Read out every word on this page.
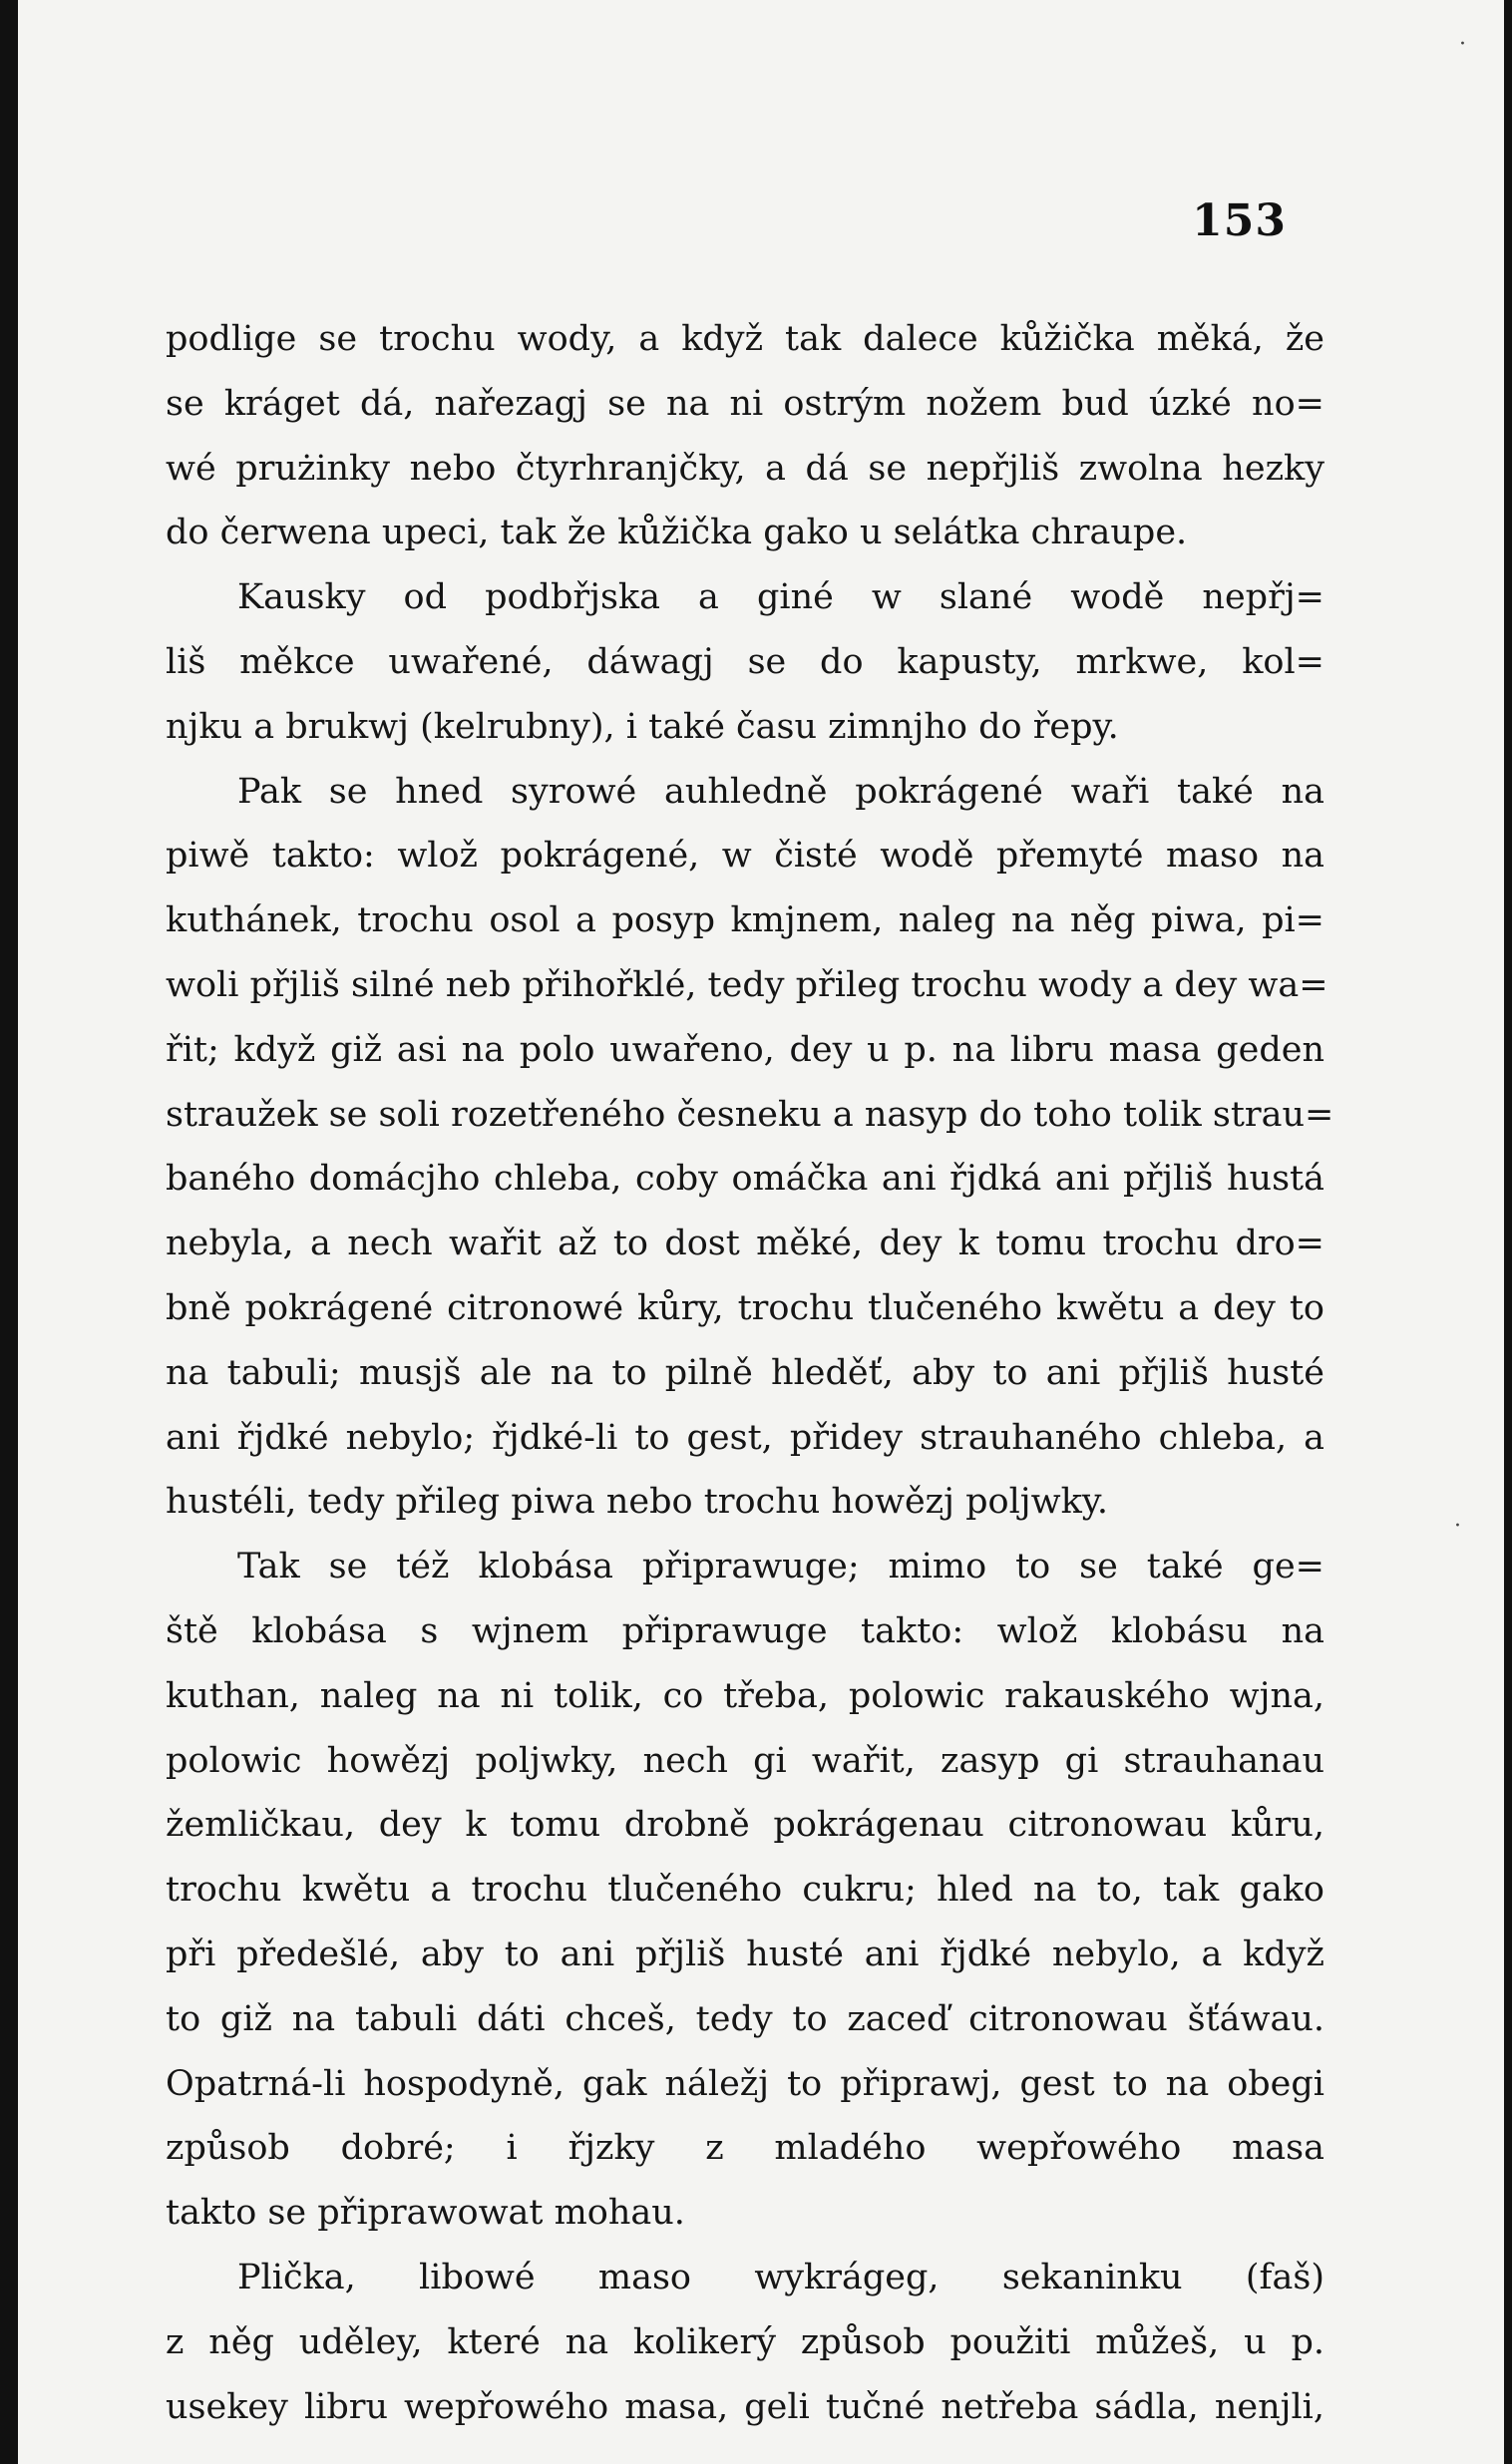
153
podlige se trochu wody, a když tak dalece kůžička měká, že
se kráget dá, nařezagj se na ni ostrým nožem bud úzké no=
wé prużinky nebo čtyrhranjčky, a dá se nepřjliš zwolna hezky
do čerwena upeci, tak že kůžička gako u selátka chraupe.
Kausky od podbřjska a giné w slané wodě nepřj=
liš měkce uwařené, dáwagj se do kapusty, mrkwe, kol=
njku a brukwj (kelrubny), i také času zimnjho do řepy.
Pak se hned syrowé auhledně pokrágené waři také na
piwě takto: wlož pokrágené, w čisté wodě přemyté maso na
kuthánek, trochu osol a posyp kmjnem, naleg na něg piwa, pi=
woli přjliš silné neb přihořklé, tedy přileg trochu wody a dey wa=
řit; když giž asi na polo uwařeno, dey u p. na libru masa geden
straužek se soli rozetřeného česneku a nasyp do toho tolik strau=
baného domácjho chleba, coby omáčka ani řjdká ani přjliš hustá
nebyla, a nech wařit až to dost měké, dey k tomu trochu dro=
bně pokrágené citronowé kůry, trochu tlučeného kwětu a dey to
na tabuli; musjš ale na to pilně hleděť, aby to ani přjliš husté
ani řjdké nebylo; řjdké-li to gest, přidey strauhaného chleba, a
hustéli, tedy přileg piwa nebo trochu howězj poljwky.
Tak se též klobása připrawuge; mimo to se také ge=
ště klobása s wjnem připrawuge takto: wlož klobásu na
kuthan, naleg na ni tolik, co třeba, polowic rakauského wjna,
polowic howězj poljwky, nech gi wařit, zasyp gi strauhanau
žemličkau, dey k tomu drobně pokrágenau citronowau kůru,
trochu kwětu a trochu tlučeného cukru; hled na to, tak gako
při předešlé, aby to ani přjliš husté ani řjdké nebylo, a když
to giž na tabuli dáti chceš, tedy to zaceď citronowau šťáwau.
Opatrná-li hospodyně, gak náležj to připrawj, gest to na obegi
způsob dobré; i řjzky z mladého wepřowého masa
takto se připrawowat mohau.
Plička, libowé maso wykrágeg, sekaninku (faš)
z něg uděley, které na kolikerý způsob použiti můžeš, u p.
usekey libru wepřowého masa, geli tučné netřeba sádla, nenjli,
·
·
